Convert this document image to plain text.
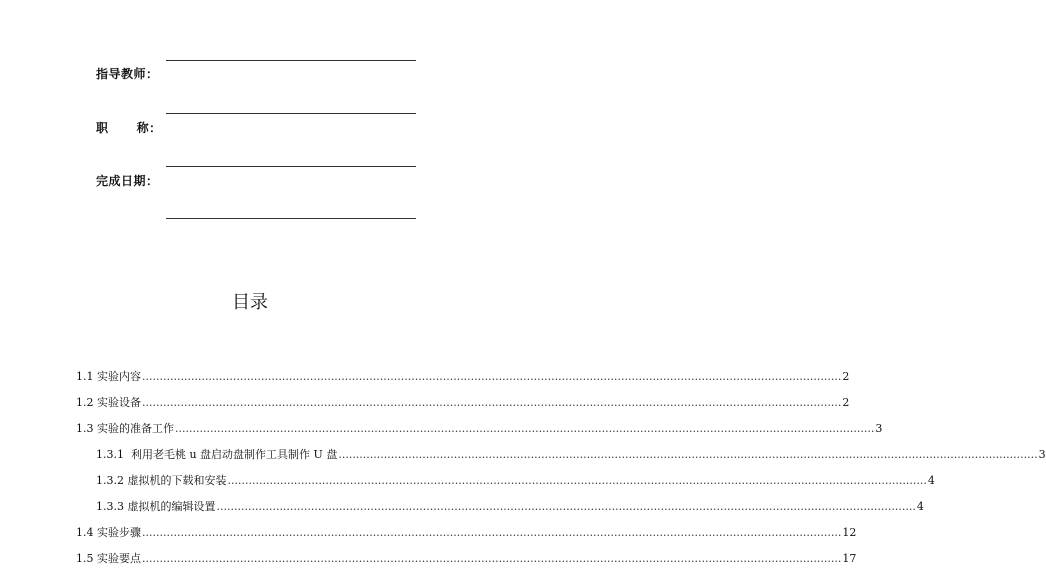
指导教师：
职      称：
完成日期：
目录
1.1 实验内容 ........................................................................................................................................................................................................ 2
1.2 实验设备 ........................................................................................................................................................................................................ 2
1.3 实验的准备工作 ........................................................................................................................................................................................................ 3
1.3.1  利用老毛桃 u 盘启动盘制作工具制作 U 盘 ........................................................................................................................................................................................................ 3
1.3.2 虚拟机的下载和安装 ........................................................................................................................................................................................................ 4
1.3.3 虚拟机的编辑设置 ........................................................................................................................................................................................................ 4
1.4 实验步骤 ........................................................................................................................................................................................................ 12
1.5 实验要点 ........................................................................................................................................................................................................ 17
